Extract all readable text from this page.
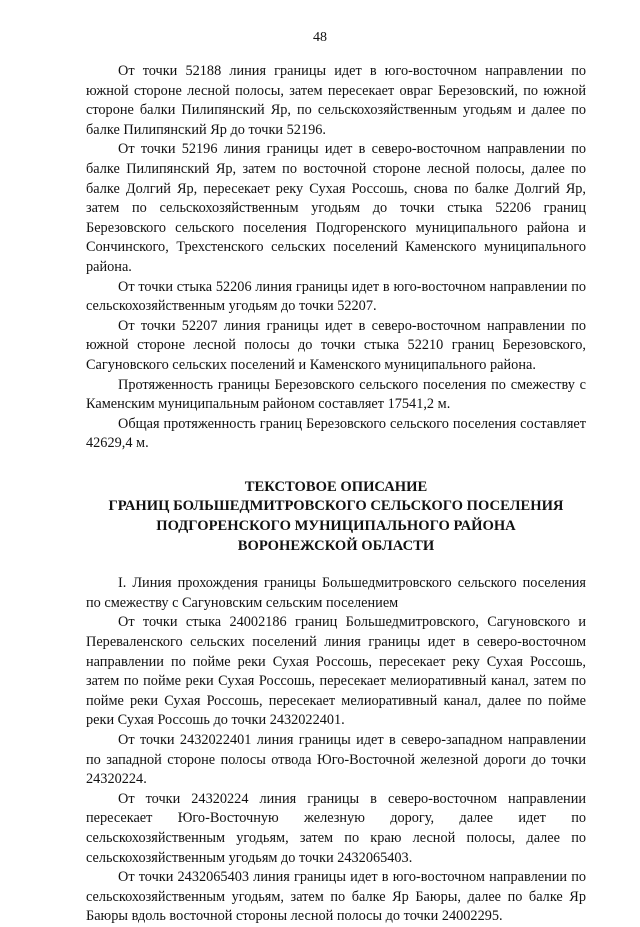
48

От точки 52188 линия границы идет в юго-восточном направлении по южной стороне лесной полосы, затем пересекает овраг Березовский, по южной стороне балки Пилипянский Яр, по сельскохозяйственным угодьям и далее по балке Пилипянский Яр до точки 52196.

От точки 52196 линия границы идет в северо-восточном направлении по балке Пилипянский Яр, затем по восточной стороне лесной полосы, далее по балке Долгий Яр, пересекает реку Сухая Россошь, снова по балке Долгий Яр, затем по сельскохозяйственным угодьям до точки стыка 52206 границ Березовского сельского поселения Подгоренского муниципального района и Сончинского, Трехстенского сельских поселений Каменского муниципального района.

От точки стыка 52206 линия границы идет в юго-восточном направлении по сельскохозяйственным угодьям до точки 52207.

От точки 52207 линия границы идет в северо-восточном направлении по южной стороне лесной полосы до точки стыка 52210 границ Березовского, Сагуновского сельских поселений и Каменского муниципального района.

Протяженность границы Березовского сельского поселения по смежеству с Каменским муниципальным районом составляет 17541,2 м.

Общая протяженность границ Березовского сельского поселения составляет 42629,4 м.

ТЕКСТОВОЕ ОПИСАНИЕ
ГРАНИЦ БОЛЬШЕДМИТРОВСКОГО СЕЛЬСКОГО ПОСЕЛЕНИЯ
ПОДГОРЕНСКОГО МУНИЦИПАЛЬНОГО РАЙОНА
ВОРОНЕЖСКОЙ ОБЛАСТИ

I. Линия прохождения границы Большедмитровского сельского поселения по смежеству с Сагуновским сельским поселением

От точки стыка 24002186 границ Большедмитровского, Сагуновского и Переваленского сельских поселений линия границы идет в северо-восточном направлении по пойме реки Сухая Россошь, пересекает реку Сухая Россошь, затем по пойме реки Сухая Россошь, пересекает мелиоративный канал, затем по пойме реки Сухая Россошь, пересекает мелиоративный канал, далее по пойме реки Сухая Россошь до точки 2432022401.

От точки 2432022401 линия границы идет в северо-западном направлении по западной стороне полосы отвода Юго-Восточной железной дороги до точки 24320224.

От точки 24320224 линия границы в северо-восточном направлении пересекает Юго-Восточную железную дорогу, далее идет по сельскохозяйственным угодьям, затем по краю лесной полосы, далее по сельскохозяйственным угодьям до точки 2432065403.

От точки 2432065403 линия границы идет в юго-восточном направлении по сельскохозяйственным угодьям, затем по балке Яр Баюры, далее по балке Яр Баюры вдоль восточной стороны лесной полосы до точки 24002295.
